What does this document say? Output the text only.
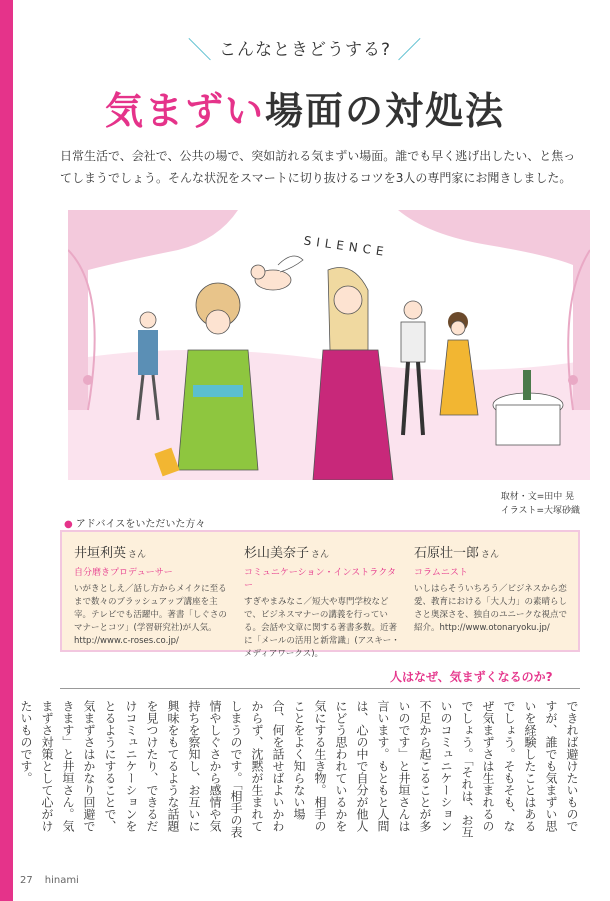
＼ こんなときどうする? ／
気まずい場面の対処法
日常生活で、会社で、公共の場で、突如訪れる気まずい場面。誰でも早く逃げ出したい、と焦ってしまうでしょう。そんな状況をスマートに切り抜けるコツを3人の専門家にお聞きしました。
SILENCE
取材・文=田中 晃
イラスト=大塚砂織
● アドバイスをいただいた方々
井垣利英 さん
自分磨きプロデューサー
いがきとしえ／話し方からメイクに至るまで数々のブラッシュアップ講座を主宰。テレビでも活躍中。著書「しぐさのマナーとコツ」(学習研究社)が人気。http://www.c-roses.co.jp/
杉山美奈子 さん
コミュニケーション・インストラクター
すぎやまみなこ／短大や専門学校などで、ビジネスマナーの講義を行っている。会話や文章に関する著書多数。近著に「メールの活用と新常識」(アスキー・メディアワークス)。
石原壮一郎 さん
コラムニスト
いしはらそういちろう／ビジネスから恋愛、教育における「大人力」の素晴らしさと奥深さを、独自のユニークな視点で紹介。http://www.otonaryoku.jp/
人はなぜ、気まずくなるのか?
できれば避けたいものですが、誰でも気まずい思いを経験したことはあるでしょう。そもそも、なぜ気まずさは生まれるのでしょう。「それは、お互いのコミュニケーション不足から起こることが多いのです」と井垣さんは言います。もともと人間は、心の中で自分が他人にどう思われているかを気にする生き物。相手のことをよく知らない場合、何を話せばよいかわからず、沈黙が生まれてしまうのです。「相手の表情やしぐさから感情や気持ちを察知し、お互いに興味をもてるような話題を見つけたり、できるだけコミュニケーションをとるようにすることで、気まずさはかなり回避できます」と井垣さん。気まずさ対策として心がけたいものです。
27 hinami
